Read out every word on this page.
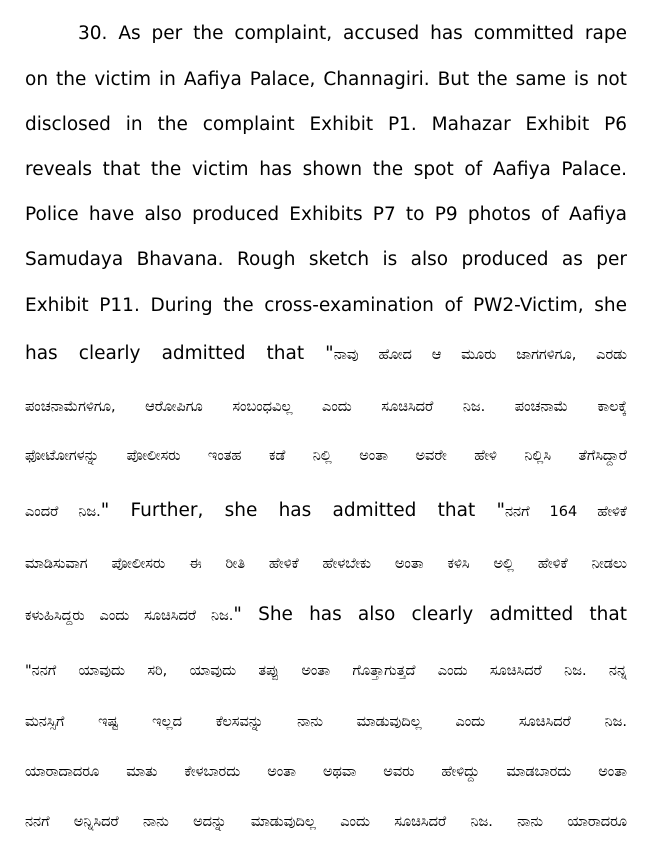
30. As per the complaint, accused has committed rape
on the victim in Aafiya Palace, Channagiri. But the same is not
disclosed in the complaint Exhibit P1. Mahazar Exhibit P6
reveals that the victim has shown the spot of Aafiya Palace.
Police have also produced Exhibits P7 to P9 photos of Aafiya
Samudaya Bhavana. Rough sketch is also produced as per
Exhibit P11. During the cross-examination of PW2-Victim, she
has clearly admitted that "ನಾವು ಹೋದ ಆ ಮೂರು ಜಾಗಗಳಿಗೂ, ಎರಡು
ಪಂಚನಾಮೆಗಳಿಗೂ, ಆರೋಪಿಗೂ ಸಂಬಂಧವಿಲ್ಲ ಎಂದು ಸೂಚಿಸಿದರೆ ನಿಜ. ಪಂಚನಾಮೆ ಕಾಲಕ್ಕೆ
ಫೋಟೋಗಳನ್ನು ಪೋಲೀಸರು ಇಂತಹ ಕಡೆ ನಿಲ್ಲಿ ಅಂತಾ ಅವರೇ ಹೇಳಿ ನಿಲ್ಲಿಸಿ ತೆಗೆಸಿದ್ದಾರೆ
ಎಂದರೆ ನಿಜ." Further, she has admitted that "ನನಗೆ 164 ಹೇಳಿಕೆ
ಮಾಡಿಸುವಾಗ ಪೋಲೀಸರು ಈ ರೀತಿ ಹೇಳಿಕೆ ಹೇಳಬೇಕು ಅಂತಾ ಕಳಿಸಿ ಅಲ್ಲಿ ಹೇಳಿಕೆ ನೀಡಲು
ಕಳುಹಿಸಿದ್ದರು ಎಂದು ಸೂಚಿಸಿದರೆ ನಿಜ." She has also clearly admitted that
"ನನಗೆ ಯಾವುದು ಸರಿ, ಯಾವುದು ತಪ್ಪು ಅಂತಾ ಗೊತ್ತಾಗುತ್ತದೆ ಎಂದು ಸೂಚಿಸಿದರೆ ನಿಜ. ನನ್ನ
ಮನಸ್ಸಿಗೆ ಇಷ್ಟ ಇಲ್ಲದ ಕೆಲಸವನ್ನು ನಾನು ಮಾಡುವುದಿಲ್ಲ ಎಂದು ಸೂಚಿಸಿದರೆ ನಿಜ.
ಯಾರಾದಾದರೂ ಮಾತು ಕೇಳಬಾರದು ಅಂತಾ ಅಥವಾ ಅವರು ಹೇಳಿದ್ದು ಮಾಡಬಾರದು ಅಂತಾ
ನನಗೆ ಅನ್ನಿಸಿದರೆ ನಾನು ಅದನ್ನು ಮಾಡುವುದಿಲ್ಲ ಎಂದು ಸೂಚಿಸಿದರೆ ನಿಜ. ನಾನು ಯಾರಾದರೂ
